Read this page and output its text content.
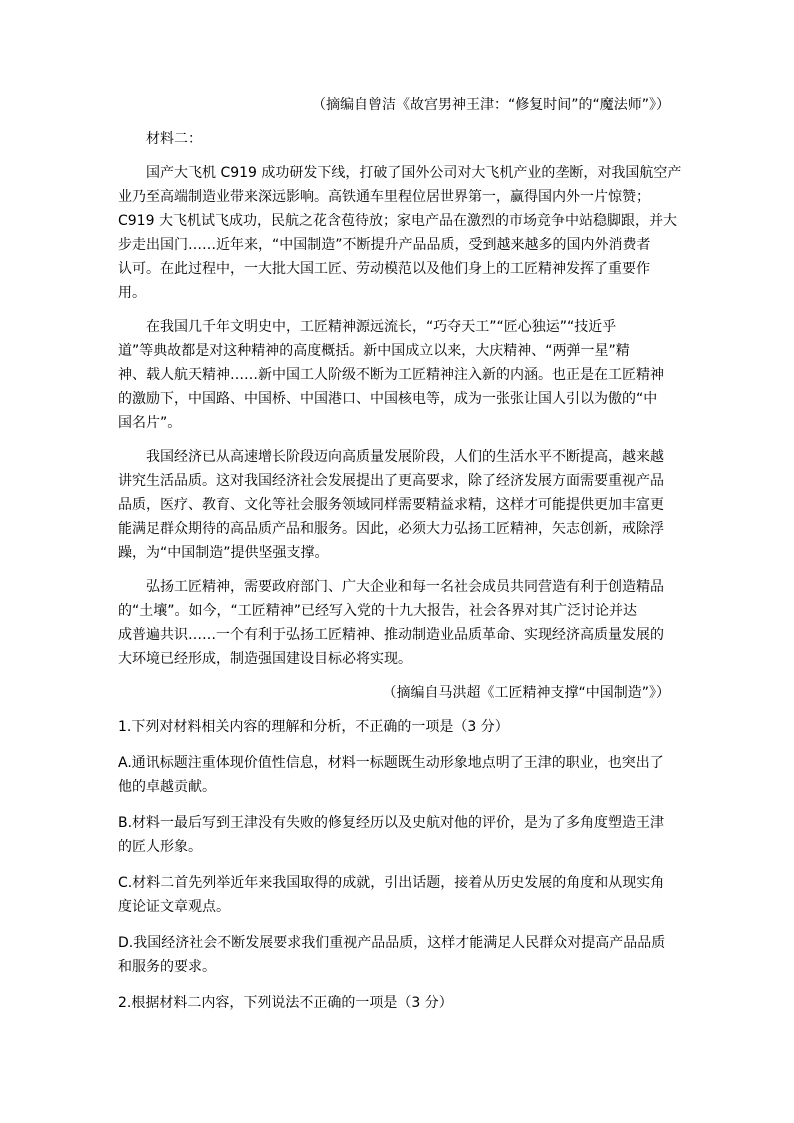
（摘编自曾洁《故宫男神王津：“修复时间”的“魔法师”》）
材料二：
国产大飞机 C919 成功研发下线，打破了国外公司对大飞机产业的垄断，对我国航空产
业乃至高端制造业带来深远影响。高铁通车里程位居世界第一，赢得国内外一片惊赞；
C919 大飞机试飞成功，民航之花含苞待放；家电产品在激烈的市场竞争中站稳脚跟，并大
步走出国门……近年来，“中国制造”不断提升产品品质，受到越来越多的国内外消费者
认可。在此过程中，一大批大国工匠、劳动模范以及他们身上的工匠精神发挥了重要作
用。
在我国几千年文明史中，工匠精神源远流长，“巧夺天工”“匠心独运”“技近乎
道”等典故都是对这种精神的高度概括。新中国成立以来，大庆精神、“两弹一星”精
神、载人航天精神……新中国工人阶级不断为工匠精神注入新的内涵。也正是在工匠精神
的激励下，中国路、中国桥、中国港口、中国核电等，成为一张张让国人引以为傲的“中
国名片”。
我国经济已从高速增长阶段迈向高质量发展阶段，人们的生活水平不断提高，越来越
讲究生活品质。这对我国经济社会发展提出了更高要求，除了经济发展方面需要重视产品
品质，医疗、教育、文化等社会服务领域同样需要精益求精，这样才可能提供更加丰富更
能满足群众期待的高品质产品和服务。因此，必须大力弘扬工匠精神，矢志创新，戒除浮
躁，为“中国制造”提供坚强支撑。
弘扬工匠精神，需要政府部门、广大企业和每一名社会成员共同营造有利于创造精品
的“土壤”。如今，“工匠精神”已经写入党的十九大报告，社会各界对其广泛讨论并达
成普遍共识……一个有利于弘扬工匠精神、推动制造业品质革命、实现经济高质量发展的
大环境已经形成，制造强国建设目标必将实现。
（摘编自马洪超《工匠精神支撑“中国制造”》）
1.下列对材料相关内容的理解和分析，不正确的一项是（3 分）
A.通讯标题注重体现价值性信息，材料一标题既生动形象地点明了王津的职业，也突出了
他的卓越贡献。
B.材料一最后写到王津没有失败的修复经历以及史航对他的评价，是为了多角度塑造王津
的匠人形象。
C.材料二首先列举近年来我国取得的成就，引出话题，接着从历史发展的角度和从现实角
度论证文章观点。
D.我国经济社会不断发展要求我们重视产品品质，这样才能满足人民群众对提高产品品质
和服务的要求。
2.根据材料二内容，下列说法不正确的一项是（3 分）
